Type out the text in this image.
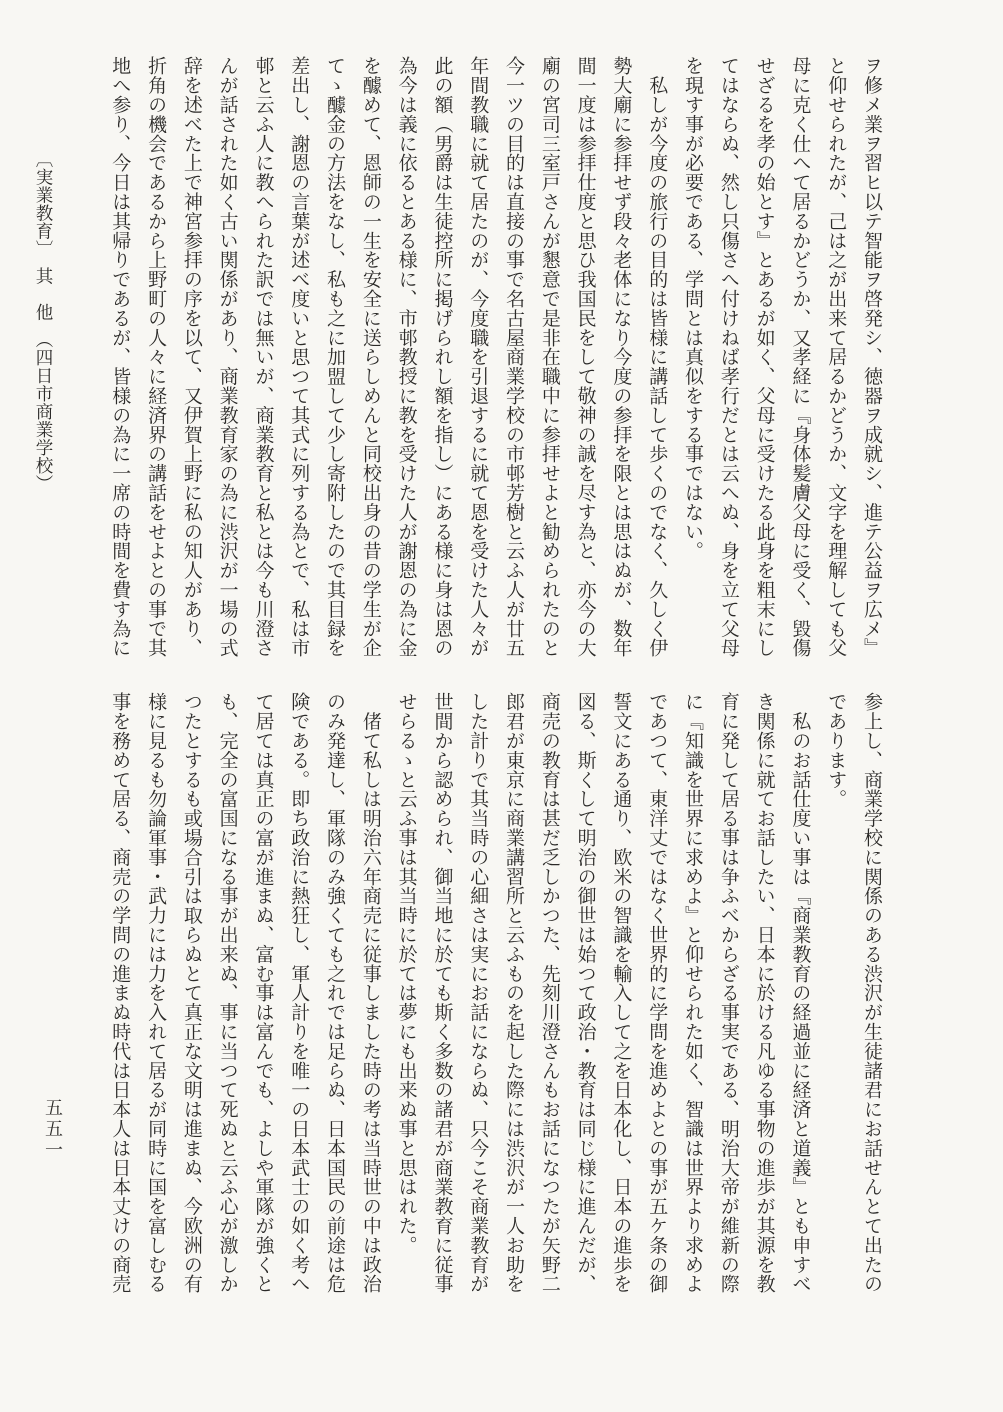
〔実業教育〕　其　他　（四日市商業学校）	ヲ修メ業ヲ習ヒ以テ智能ヲ啓発シ、徳器ヲ成就シ、進テ公益ヲ広メ』
と仰せられたが、己は之が出来て居るかどうか、文字を理解しても父
母に克く仕へて居るかどうか、又孝経に『身体髪膚父母に受く、毀傷
せざるを孝の始とす』とあるが如く、父母に受けたる此身を粗末にし
てはならぬ、然し只傷さへ付けねば孝行だとは云へぬ、身を立て父母
を現す事が必要である、学問とは真似をする事ではない。
　私しが今度の旅行の目的は皆様に講話して歩くのでなく、久しく伊
勢大廟に参拝せず段々老体になり今度の参拝を限とは思はぬが、数年
間一度は参拝仕度と思ひ我国民をして敬神の誠を尽す為と、亦今の大
廟の宮司三室戸さんが懇意で是非在職中に参拝せよと勧められたのと
今一ツの目的は直接の事で名古屋商業学校の市邨芳樹と云ふ人が廿五
年間教職に就て居たのが、今度職を引退するに就て恩を受けた人々が
此の額（男爵は生徒控所に掲げられし額を指し）にある様に身は恩の
為今は義に依るとある様に、市邨教授に教を受けた人が謝恩の為に金
を醵めて、恩師の一生を安全に送らしめんと同校出身の昔の学生が企
てゝ醵金の方法をなし、私も之に加盟して少し寄附したので其目録を
差出し、謝恩の言葉が述べ度いと思つて其式に列する為とで、私は市
邨と云ふ人に教へられた訳では無いが、商業教育と私とは今も川澄さ
んが話された如く古い関係があり、商業教育家の為に渋沢が一場の式
辞を述べた上で神宮参拝の序を以て、又伊賀上野に私の知人があり、
折角の機会であるから上野町の人々に経済界の講話をせよとの事で其
地へ参り、今日は其帰りであるが、皆様の為に一席の時間を費す為に
参上し、商業学校に関係のある渋沢が生徒諸君にお話せんとて出たの
であります。
　私のお話仕度い事は『商業教育の経過並に経済と道義』とも申すべ
き関係に就てお話したい、日本に於ける凡ゆる事物の進歩が其源を教
育に発して居る事は争ふべからざる事実である、明治大帝が維新の際
に『知識を世界に求めよ』と仰せられた如く、智識は世界より求めよ
であつて、東洋丈ではなく世界的に学問を進めよとの事が五ケ条の御
誓文にある通り、欧米の智識を輸入して之を日本化し、日本の進歩を
図る、斯くして明治の御世は始つて政治・教育は同じ様に進んだが、
商売の教育は甚だ乏しかつた、先刻川澄さんもお話になつたが矢野二
郎君が東京に商業講習所と云ふものを起した際には渋沢が一人お助を
した計りで其当時の心細さは実にお話にならぬ、只今こそ商業教育が
世間から認められ、御当地に於ても斯く多数の諸君が商業教育に従事
せらるゝと云ふ事は其当時に於ては夢にも出来ぬ事と思はれた。
　偖て私しは明治六年商売に従事しました時の考は当時世の中は政治
のみ発達し、軍隊のみ強くても之れでは足らぬ、日本国民の前途は危
険である。即ち政治に熱狂し、軍人計りを唯一の日本武士の如く考へ
て居ては真正の富が進まぬ、富む事は富んでも、よしや軍隊が強くと
も、完全の富国になる事が出来ぬ、事に当つて死ぬと云ふ心が激しか
つたとするも或場合引は取らぬとて真正な文明は進まぬ、今欧洲の有
様に見るも勿論軍事・武力には力を入れて居るが同時に国を富しむる
事を務めて居る、商売の学問の進まぬ時代は日本人は日本丈けの商売
五五一
